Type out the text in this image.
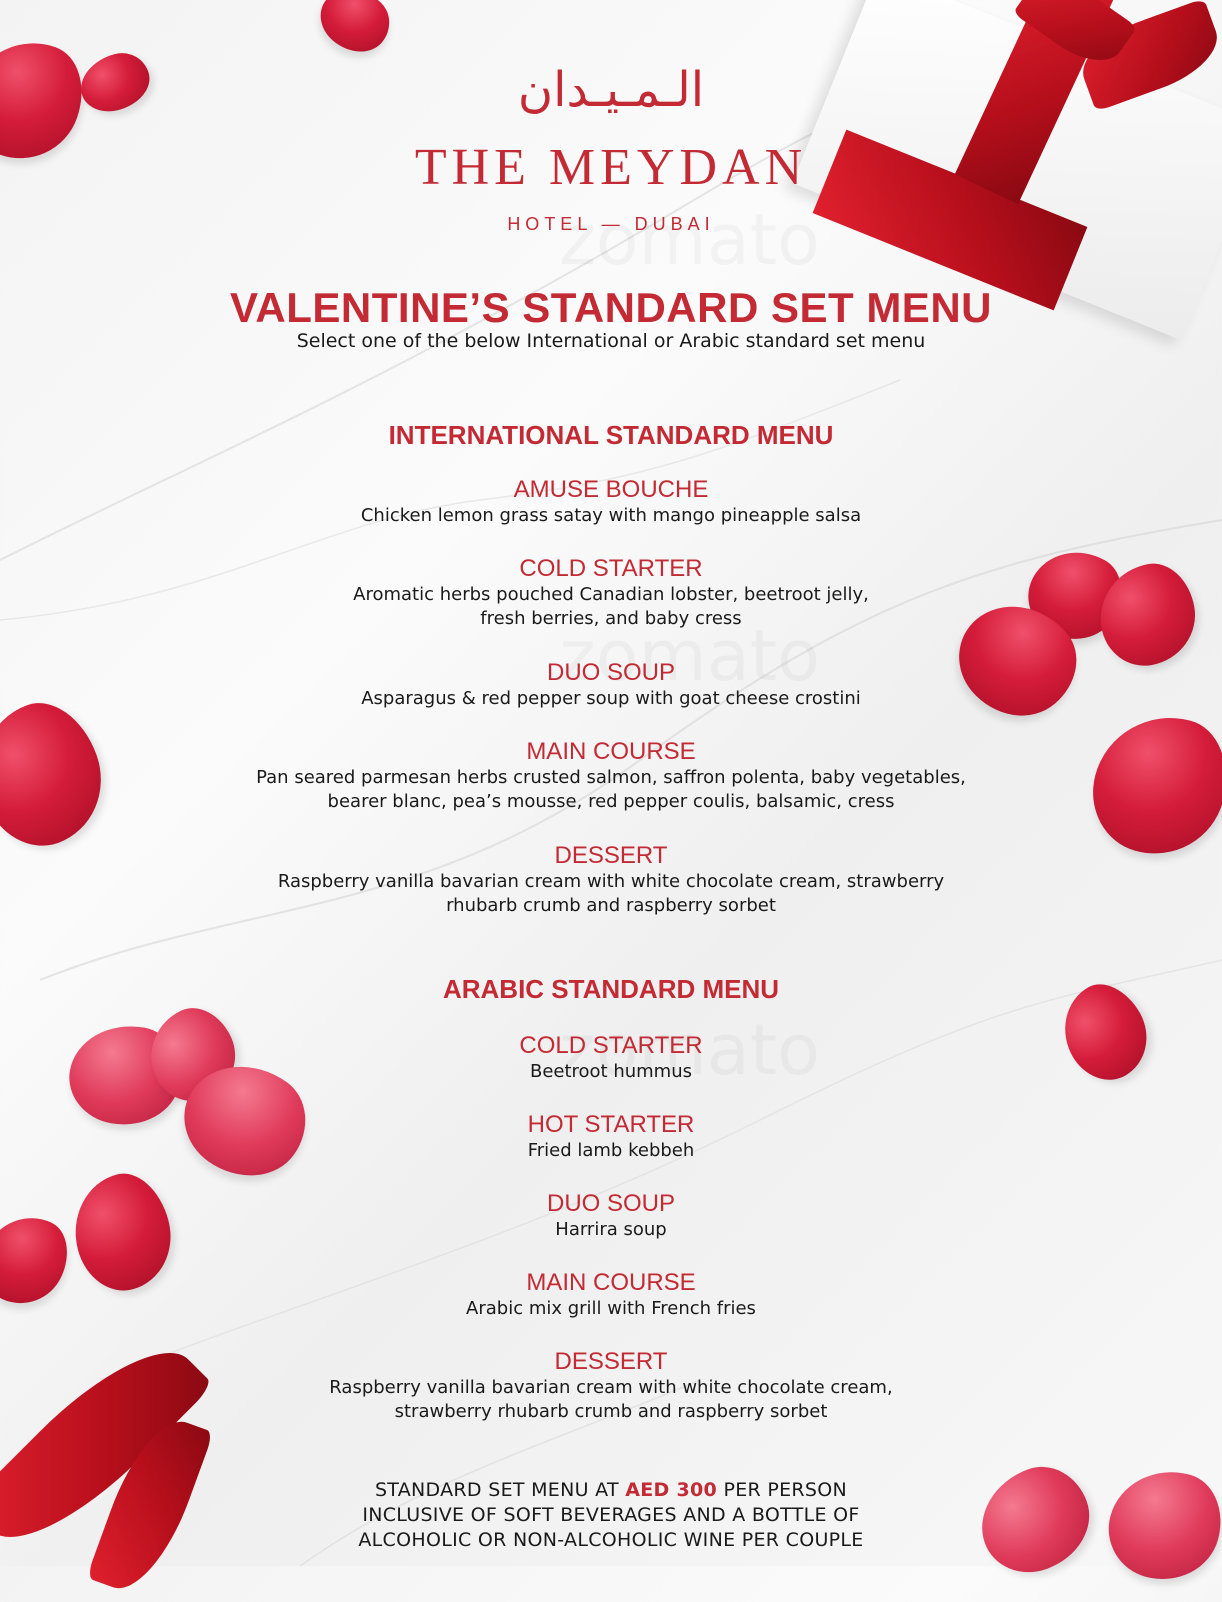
الـمـيـدان
THE MEYDAN
HOTEL — DUBAI
VALENTINE’S STANDARD SET MENU
Select one of the below International or Arabic standard set menu
INTERNATIONAL STANDARD MENU
AMUSE BOUCHE
Chicken lemon grass satay with mango pineapple salsa
COLD STARTER
Aromatic herbs pouched Canadian lobster, beetroot jelly,
fresh berries, and baby cress
DUO SOUP
Asparagus & red pepper soup with goat cheese crostini
MAIN COURSE
Pan seared parmesan herbs crusted salmon, saffron polenta, baby vegetables,
bearer blanc, pea’s mousse, red pepper coulis, balsamic, cress
DESSERT
Raspberry vanilla bavarian cream with white chocolate cream, strawberry
rhubarb crumb and raspberry sorbet
ARABIC STANDARD MENU
COLD STARTER
Beetroot hummus
HOT STARTER
Fried lamb kebbeh
DUO SOUP
Harrira soup
MAIN COURSE
Arabic mix grill with French fries
DESSERT
Raspberry vanilla bavarian cream with white chocolate cream,
strawberry rhubarb crumb and raspberry sorbet
STANDARD SET MENU AT AED 300 PER PERSON
INCLUSIVE OF SOFT BEVERAGES AND A BOTTLE OF
ALCOHOLIC OR NON-ALCOHOLIC WINE PER COUPLE
